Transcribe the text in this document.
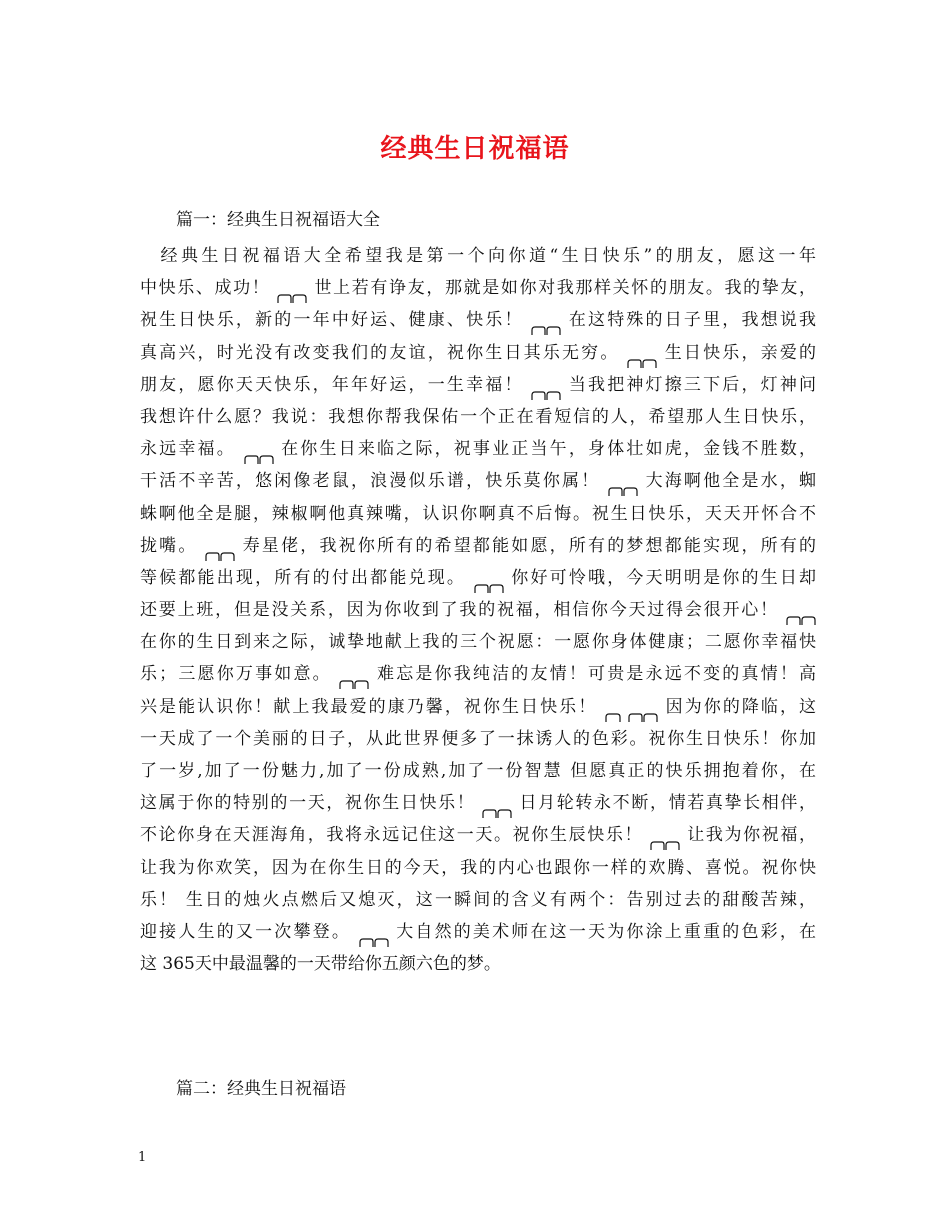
经典生日祝福语
篇一：经典生日祝福语大全
　经典生日祝福语大全希望我是第一个向你道“生日快乐”的朋友，愿这一年
中快乐、成功！	世上若有诤友，那就是如你对我那样关怀的朋友。我的挚友，
祝生日快乐，新的一年中好运、健康、快乐！	在这特殊的日子里，我想说我
真高兴，时光没有改变我们的友谊，祝你生日其乐无穷。	生日快乐，亲爱的
朋友，愿你天天快乐，年年好运，一生幸福！	当我把神灯擦三下后，灯神问
我想许什么愿？我说：我想你帮我保佑一个正在看短信的人，希望那人生日快乐，
永远幸福。	在你生日来临之际，祝事业正当午，身体壮如虎，金钱不胜数，
干活不辛苦，悠闲像老鼠，浪漫似乐谱，快乐莫你属！	大海啊他全是水，蜘
蛛啊他全是腿，辣椒啊他真辣嘴，认识你啊真不后悔。祝生日快乐，天天开怀合不
拢嘴。	寿星佬，我祝你所有的希望都能如愿，所有的梦想都能实现，所有的
等候都能出现，所有的付出都能兑现。	你好可怜哦，今天明明是你的生日却
还要上班，但是没关系，因为你收到了我的祝福，相信你今天过得会很开心！
在你的生日到来之际，诚挚地献上我的三个祝愿：一愿你身体健康；二愿你幸福快
乐；三愿你万事如意。	难忘是你我纯洁的友情！可贵是永远不变的真情！高
兴是能认识你！献上我最爱的康乃馨，祝你生日快乐！	因为你的降临，这
一天成了一个美丽的日子，从此世界便多了一抹诱人的色彩。祝你生日快乐！你加
了一岁,加了一份魅力,加了一份成熟,加了一份智慧 但愿真正的快乐拥抱着你，在
这属于你的特别的一天，祝你生日快乐！	日月轮转永不断，情若真挚长相伴，
不论你身在天涯海角，我将永远记住这一天。祝你生辰快乐！	让我为你祝福，
让我为你欢笑，因为在你生日的今天，我的内心也跟你一样的欢腾、喜悦。祝你快
乐！ 生日的烛火点燃后又熄灭，这一瞬间的含义有两个：告别过去的甜酸苦辣，
迎接人生的又一次攀登。	大自然的美术师在这一天为你涂上重重的色彩，在
这 365天中最温馨的一天带给你五颜六色的梦。
篇二：经典生日祝福语
1
